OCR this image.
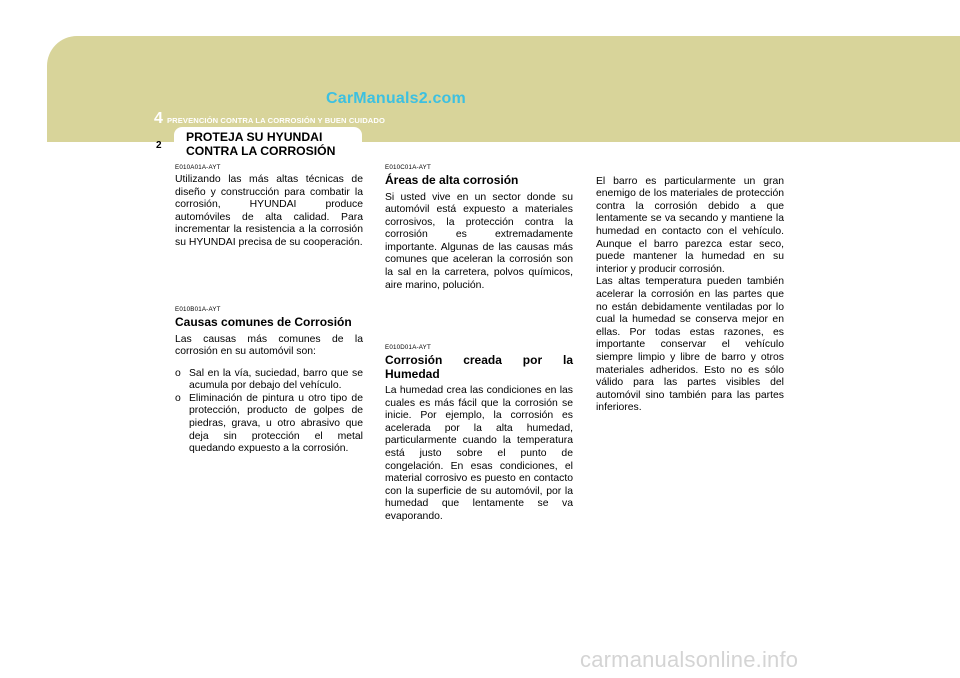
CarManuals2.com
4 PREVENCIÓN CONTRA LA CORROSIÓN Y BUEN CUIDADO
2
PROTEJA SU HYUNDAI
CONTRA LA CORROSIÓN
E010A01A-AYT
Utilizando las más altas técnicas de diseño y construcción para combatir la corrosión, HYUNDAI produce automóviles de alta calidad. Para incrementar la resistencia a la corrosión su HYUNDAI precisa de su cooperación.
E010B01A-AYT
Causas comunes de Corrosión
Las causas más comunes de la corrosión en su automóvil son:
o Sal en la vía, suciedad, barro que se acumula por debajo del vehículo.
o Eliminación de pintura u otro tipo de protección, producto de golpes de piedras, grava, u otro abrasivo que deja sin protección el metal quedando expuesto a la corrosión.
E010C01A-AYT
Áreas de alta corrosión
Si usted vive en un sector donde su automóvil está expuesto a materiales corrosivos, la protección contra la corrosión es extremadamente importante. Algunas de las causas más comunes que aceleran la corrosión son la sal en la carretera, polvos químicos, aire marino, polución.
E010D01A-AYT
Corrosión creada por la Humedad
La humedad crea las condiciones en las cuales es más fácil que la corrosión se inicie. Por ejemplo, la corrosión es acelerada por la alta humedad, particularmente cuando la temperatura está justo sobre el punto de congelación. En esas condiciones, el material corrosivo es puesto en contacto con la superficie de su automóvil, por la humedad que lentamente se va evaporando.

El barro es particularmente un gran enemigo de los materiales de protección contra la corrosión debido a que lentamente se va secando y mantiene la humedad en contacto con el vehículo. Aunque el barro parezca estar seco, puede mantener la humedad en su interior y producir corrosión.
Las altas temperatura pueden también acelerar la corrosión en las partes que no están debidamente ventiladas por lo cual la humedad se conserva mejor en ellas. Por todas estas razones, es importante conservar el vehículo siempre limpio y libre de barro y otros materiales adheridos. Esto no es sólo válido para las partes visibles del automóvil sino también para las partes inferiores.

carmanualsonline.info
